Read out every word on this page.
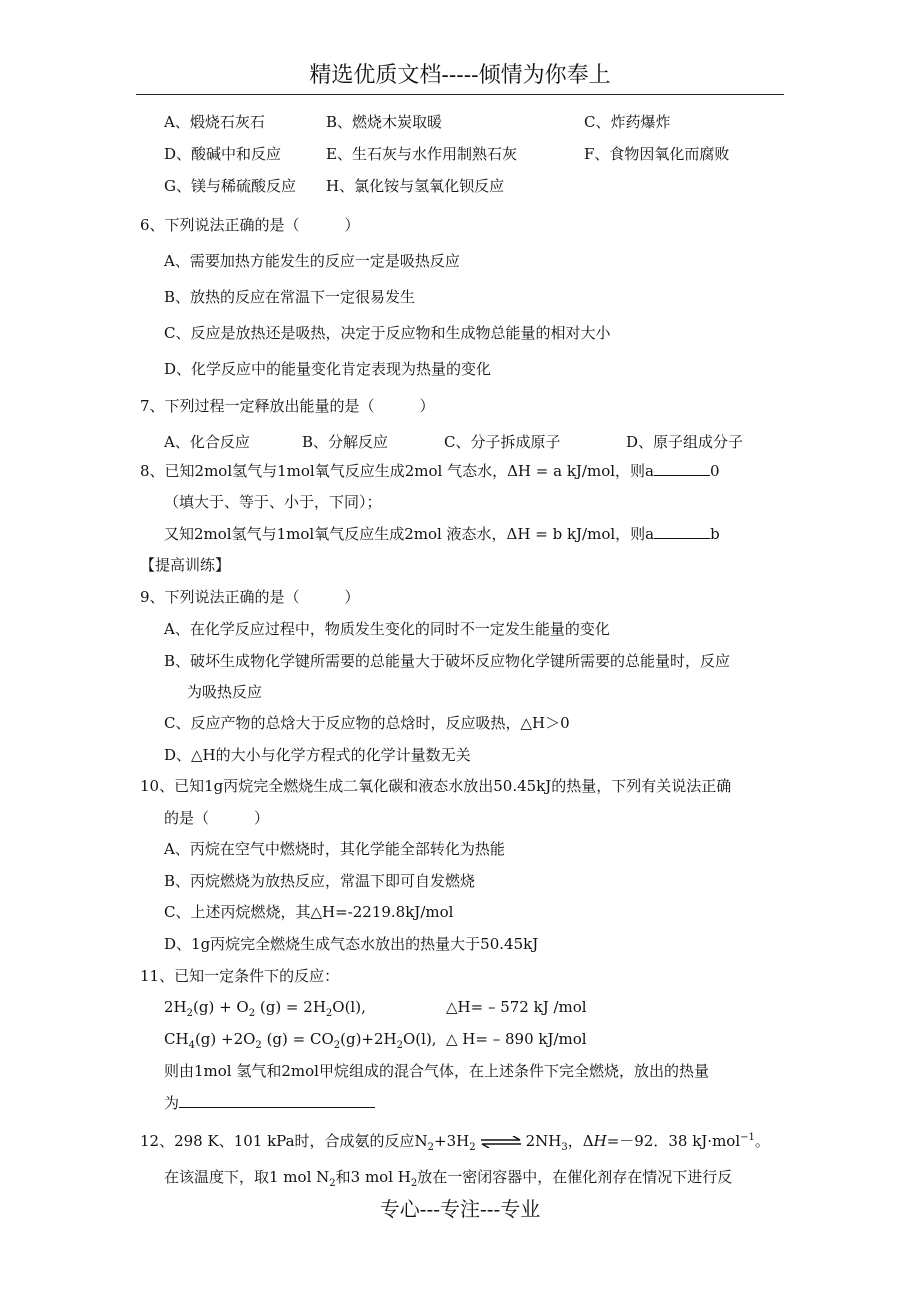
精选优质文档-----倾情为你奉上
A、煅烧石灰石	B、燃烧木炭取暖	C、炸药爆炸
D、酸碱中和反应	E、生石灰与水作用制熟石灰	F、食物因氧化而腐败
G、镁与稀硫酸反应 H、氯化铵与氢氧化钡反应
6、下列说法正确的是（　　　）
A、需要加热方能发生的反应一定是吸热反应
B、放热的反应在常温下一定很易发生
C、反应是放热还是吸热，决定于反应物和生成物总能量的相对大小
D、化学反应中的能量变化肯定表现为热量的变化
7、下列过程一定释放出能量的是（　　　）
A、化合反应	B、分解反应	C、分子拆成原子	D、原子组成分子
8、已知2mol氢气与1mol氧气反应生成2mol 气态水，ΔH = a kJ/mol，则a	0
（填大于、等于、小于，下同）；
又知2mol氢气与1mol氧气反应生成2mol 液态水，ΔH = b kJ/mol，则a	b
【提高训练】
9、下列说法正确的是（　　　）
A、在化学反应过程中，物质发生变化的同时不一定发生能量的变化
B、破坏生成物化学键所需要的总能量大于破坏反应物化学键所需要的总能量时，反应
为吸热反应
C、反应产物的总焓大于反应物的总焓时，反应吸热，△H＞0
D、△H的大小与化学方程式的化学计量数无关
10、已知1g丙烷完全燃烧生成二氧化碳和液态水放出50.45kJ的热量，下列有关说法正确
的是（　　　）
A、丙烷在空气中燃烧时，其化学能全部转化为热能
B、丙烷燃烧为放热反应，常温下即可自发燃烧
C、上述丙烷燃烧，其△H=-2219.8kJ/mol
D、1g丙烷完全燃烧生成气态水放出的热量大于50.45kJ
11、已知一定条件下的反应：
$2H_2(g) + O_2$ $(g) = 2H_2O(l)$,	△H= – 572 kJ /mol
$CH_4(g) +2O_2$ $(g) = CO_2(g)+2H_2O(l)$, △ H= – 890 kJ/mol
则由1mol 氢气和2mol甲烷组成的混合气体，在上述条件下完全燃烧，放出的热量
为
12、298 K、101 kPa时，合成氨的反应$N_2+3H_2$ ⇌ $2NH_3$，ΔH=－92．38 kJ·mol$^{-1}$。
在该温度下，取1 mol $N_2$和3 mol $H_2$放在一密闭容器中，在催化剂存在情况下进行反
专心---专注---专业
